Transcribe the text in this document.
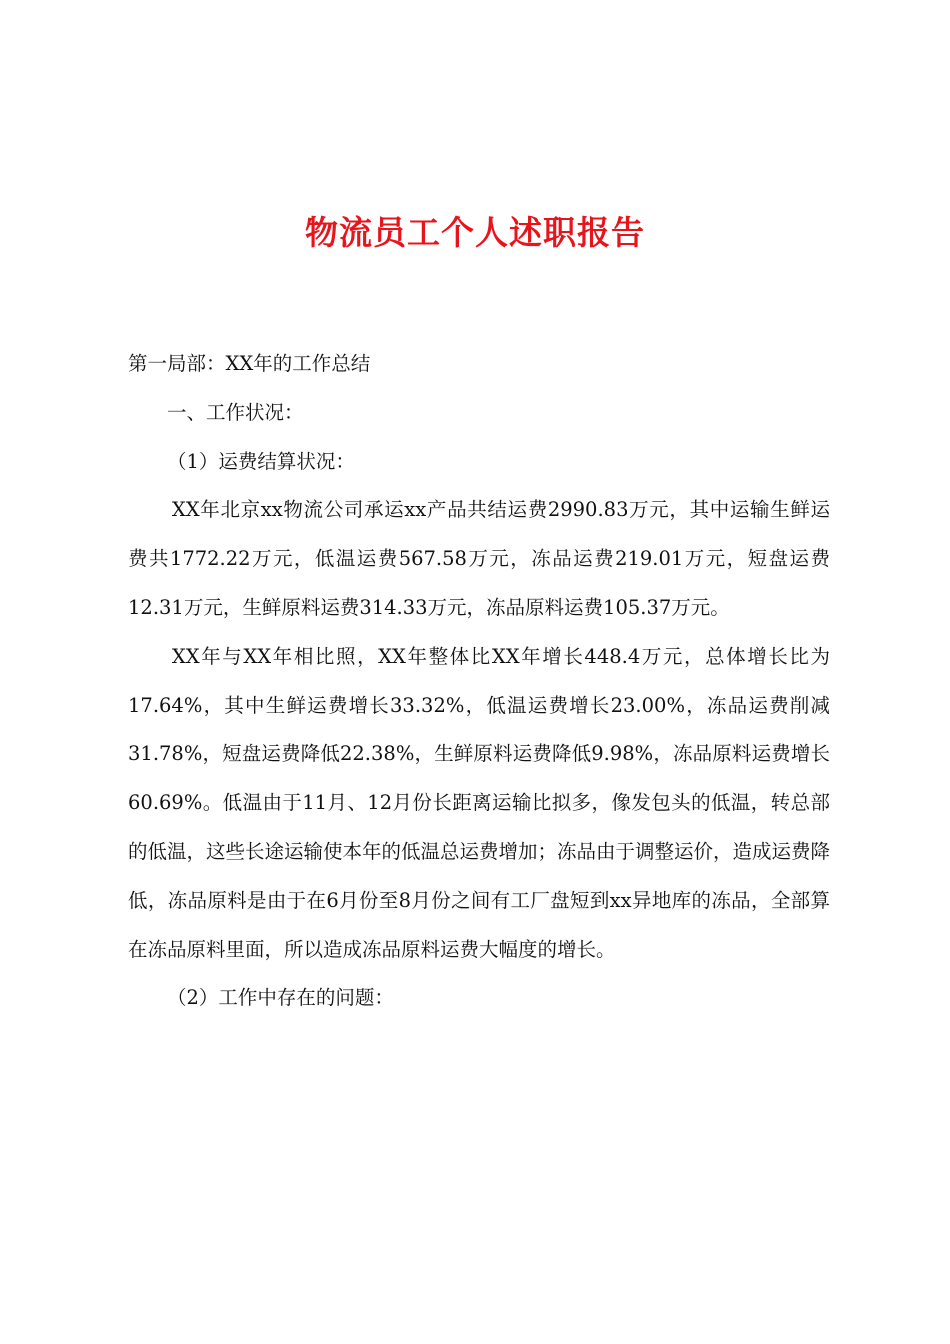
物流员工个人述职报告

第一局部：XX年的工作总结

一、工作状况：

（1）运费结算状况：

XX年北京xx物流公司承运xx产品共结运费2990.83万元，其中运输生鲜运费共1772.22万元，低温运费567.58万元，冻品运费219.01万元，短盘运费12.31万元，生鲜原料运费314.33万元，冻品原料运费105.37万元。

XX年与XX年相比照，XX年整体比XX年增长448.4万元，总体增长比为17.64%，其中生鲜运费增长33.32%，低温运费增长23.00%，冻品运费削减31.78%，短盘运费降低22.38%，生鲜原料运费降低9.98%，冻品原料运费增长60.69%。低温由于11月、12月份长距离运输比拟多，像发包头的低温，转总部的低温，这些长途运输使本年的低温总运费增加；冻品由于调整运价，造成运费降低，冻品原料是由于在6月份至8月份之间有工厂盘短到xx异地库的冻品，全部算在冻品原料里面，所以造成冻品原料运费大幅度的增长。

（2）工作中存在的问题：
